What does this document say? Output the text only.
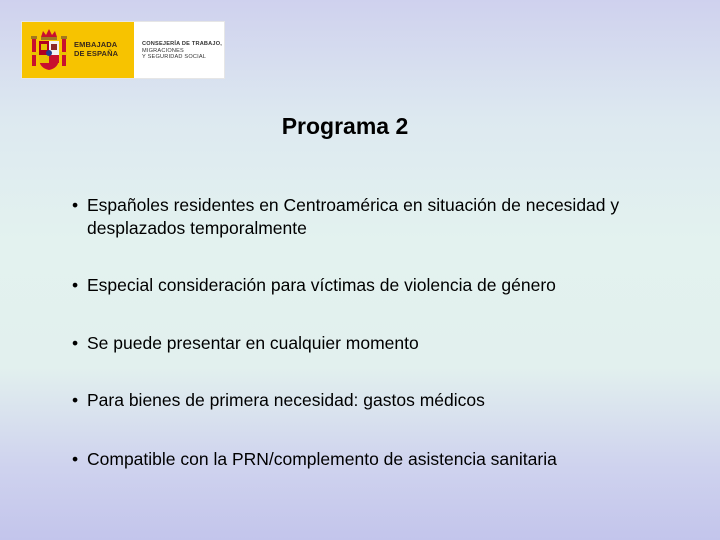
EMBAJADA
DE ESPAÑA
CONSEJERÍA DE TRABAJO,
MIGRACIONES
Y SEGURIDAD SOCIAL
Programa 2
• Españoles residentes en Centroamérica en situación de necesidad y desplazados temporalmente
• Especial consideración para víctimas de violencia de género
• Se puede presentar en cualquier momento
• Para bienes de primera necesidad: gastos médicos
• Compatible con la PRN/complemento de asistencia sanitaria
